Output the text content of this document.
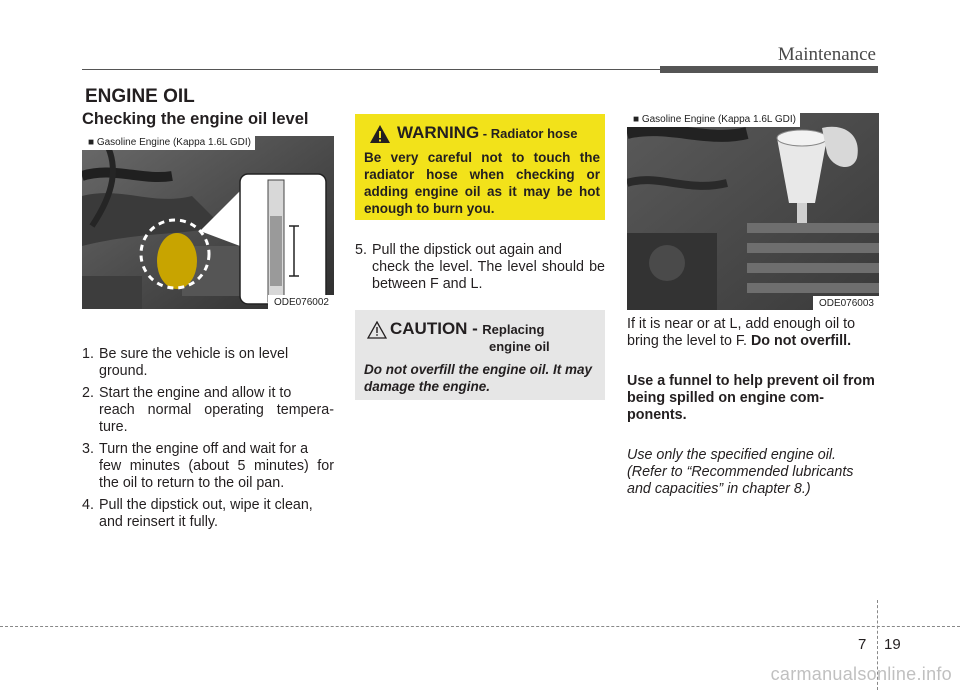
Maintenance
ENGINE OIL
Checking the engine oil level
■ Gasoline Engine (Kappa 1.6L GDI)
ODE076002
1. Be sure the vehicle is on level
ground.
2. Start the engine and allow it to
reach normal operating tempera- ture.
3. Turn the engine off and wait for a
few minutes (about 5 minutes) for the oil to return to the oil pan.
4. Pull the dipstick out, wipe it clean,
and reinsert it fully.
WARNING - Radiator hose
Be very careful not to touch the radiator hose when checking or adding engine oil as it may be hot enough to burn you.
5. Pull the dipstick out again and
check the level. The level should be between F and L.
CAUTION - Replacing
engine oil
Do not overfill the engine oil. It may damage the engine.
■ Gasoline Engine (Kappa 1.6L GDI)
ODE076003
If it is near or at L, add enough oil to bring the level to F. Do not overfill.
Use a funnel to help prevent oil from being spilled on engine com- ponents.
Use only the specified engine oil. (Refer to “Recommended lubricants and capacities” in chapter 8.)
7 19
carmanualsonline.info
